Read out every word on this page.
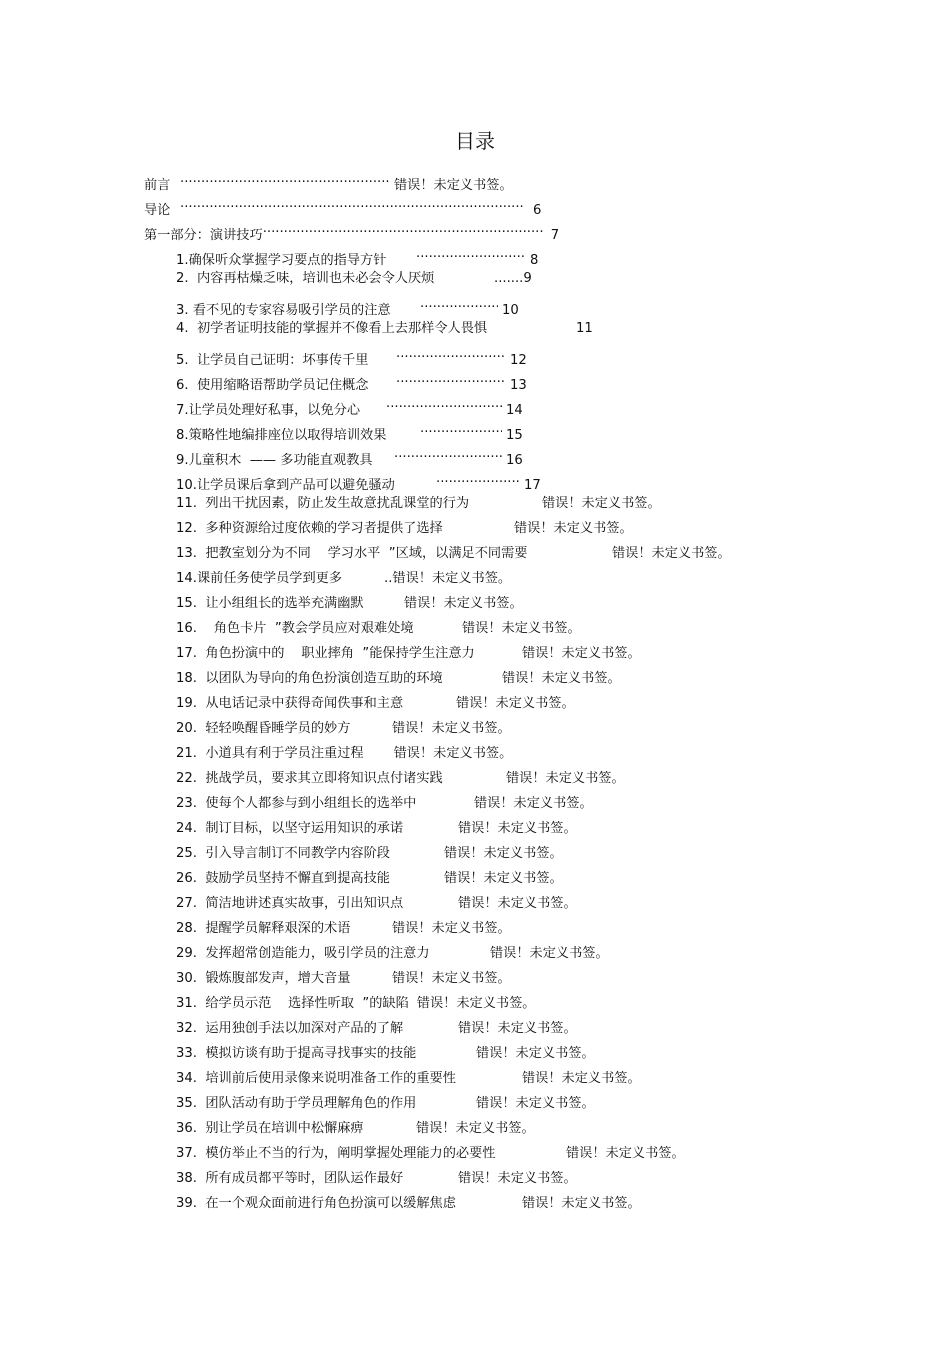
目录
前言 .....	错误！未定义书签。
导论 .....	6
第一部分：演讲技巧 .....	7
1.确保听众掌握学习要点的指导方针 .....	8
2.  内容再枯燥乏味，培训也未必会令人厌烦	.......9
3. 看不见的专家容易吸引学员的注意 .....	10
4.  初学者证明技能的掌握并不像看上去那样令人畏惧	11
5.  让学员自己证明：坏事传千里 .....	12
6.  使用缩略语帮助学员记住概念 .....	13
7.让学员处理好私事，以免分心 .....	14
8.策略性地编排座位以取得培训效果 .....	15
9.儿童积木  —— 多功能直观教具 .....	16
10.让学员课后拿到产品可以避免骚动 .....	17
11.  列出干扰因素，防止发生故意扰乱课堂的行为	错误！未定义书签。
12.  多种资源给过度依赖的学习者提供了选择	错误！未定义书签。
13.  把教室划分为不同    学习水平  ”区域，以满足不同需要	错误！未定义书签。
14.课前任务使学员学到更多	..错误！未定义书签。
15.  让小组组长的选举充满幽默	错误！未定义书签。
16.    角色卡片  ”教会学员应对艰难处境	错误！未定义书签。
17.  角色扮演中的    职业摔角  ”能保持学生注意力	错误！未定义书签。
18.  以团队为导向的角色扮演创造互助的环境	错误！未定义书签。
19.  从电话记录中获得奇闻佚事和主意	错误！未定义书签。
20.  轻轻唤醒昏睡学员的妙方	错误！未定义书签。
21.  小道具有利于学员注重过程 错误！未定义书签。
22.  挑战学员，要求其立即将知识点付诸实践	错误！未定义书签。
23.  使每个人都参与到小组组长的选举中	错误！未定义书签。
24.  制订目标，以坚守运用知识的承诺	错误！未定义书签。
25.  引入导言制订不同教学内容阶段	错误！未定义书签。
26.  鼓励学员坚持不懈直到提高技能	错误！未定义书签。
27.  简洁地讲述真实故事，引出知识点	错误！未定义书签。
28.  提醒学员解释艰深的术语	错误！未定义书签。
29.  发挥超常创造能力，吸引学员的注意力	错误！未定义书签。
30.  锻炼腹部发声，增大音量	错误！未定义书签。
31.  给学员示范    选择性听取  ”的缺陷 错误！未定义书签。
32.  运用独创手法以加深对产品的了解	错误！未定义书签。
33.  模拟访谈有助于提高寻找事实的技能	错误！未定义书签。
34.  培训前后使用录像来说明准备工作的重要性	错误！未定义书签。
35.  团队活动有助于学员理解角色的作用	错误！未定义书签。
36.  别让学员在培训中松懈麻痹	错误！未定义书签。
37.  模仿举止不当的行为，阐明掌握处理能力的必要性	错误！未定义书签。
38.  所有成员都平等时，团队运作最好	错误！未定义书签。
39.  在一个观众面前进行角色扮演可以缓解焦虑	错误！未定义书签。
